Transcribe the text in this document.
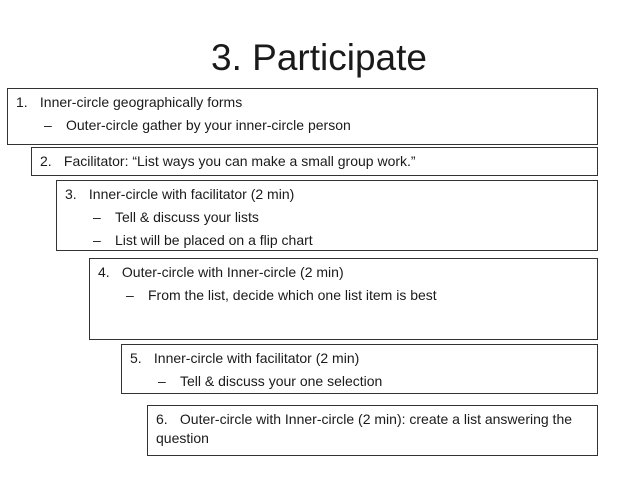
3. Participate
1. Inner-circle geographically forms
– Outer-circle gather by your inner-circle person
2. Facilitator: “List ways you can make a small group work.”
3. Inner-circle with facilitator (2 min)
– Tell & discuss your lists
– List will be placed on a flip chart
4. Outer-circle with Inner-circle (2 min)
– From the list, decide which one list item is best
5. Inner-circle with facilitator (2 min)
– Tell & discuss your one selection
6. Outer-circle with Inner-circle (2 min): create a list answering the question
